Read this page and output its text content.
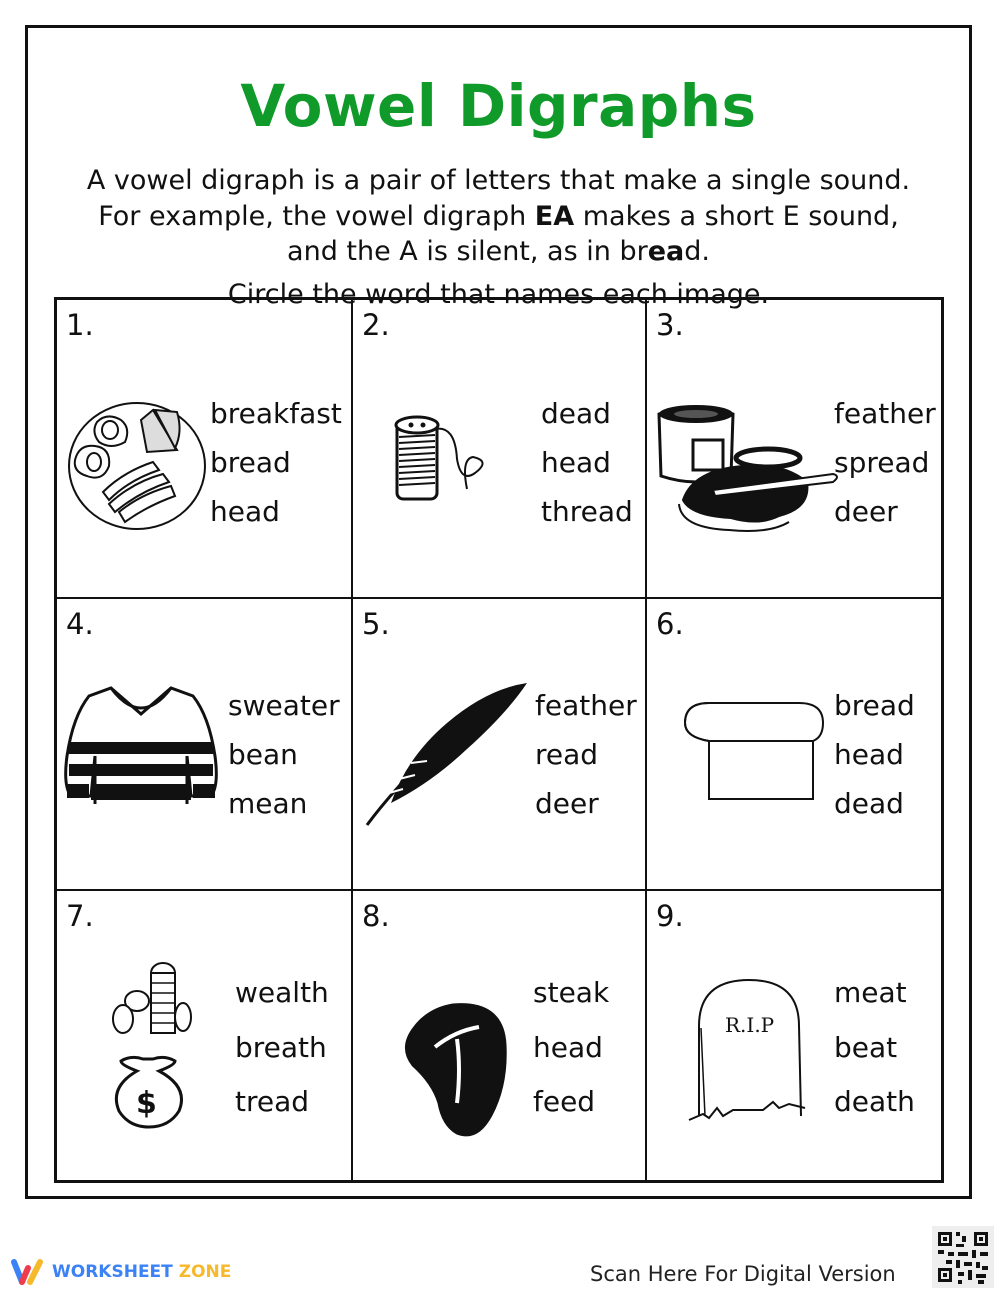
Vowel Digraphs
A vowel digraph is a pair of letters that make a single sound.
For example, the vowel digraph EA makes a short E sound,
and the A is silent, as in bread.
Circle the word that names each image.
1.
breakfast
bread
head
2.
dead
head
thread
3.
feather
spread
deer
4.
sweater
bean
mean
5.
feather
read
deer
6.
bread
head
dead
7.
$
wealth
breath
tread
8.
steak
head
feed
9.
R.I.P
meat
beat
death
WORKSHEET ZONE	Scan Here For Digital Version
